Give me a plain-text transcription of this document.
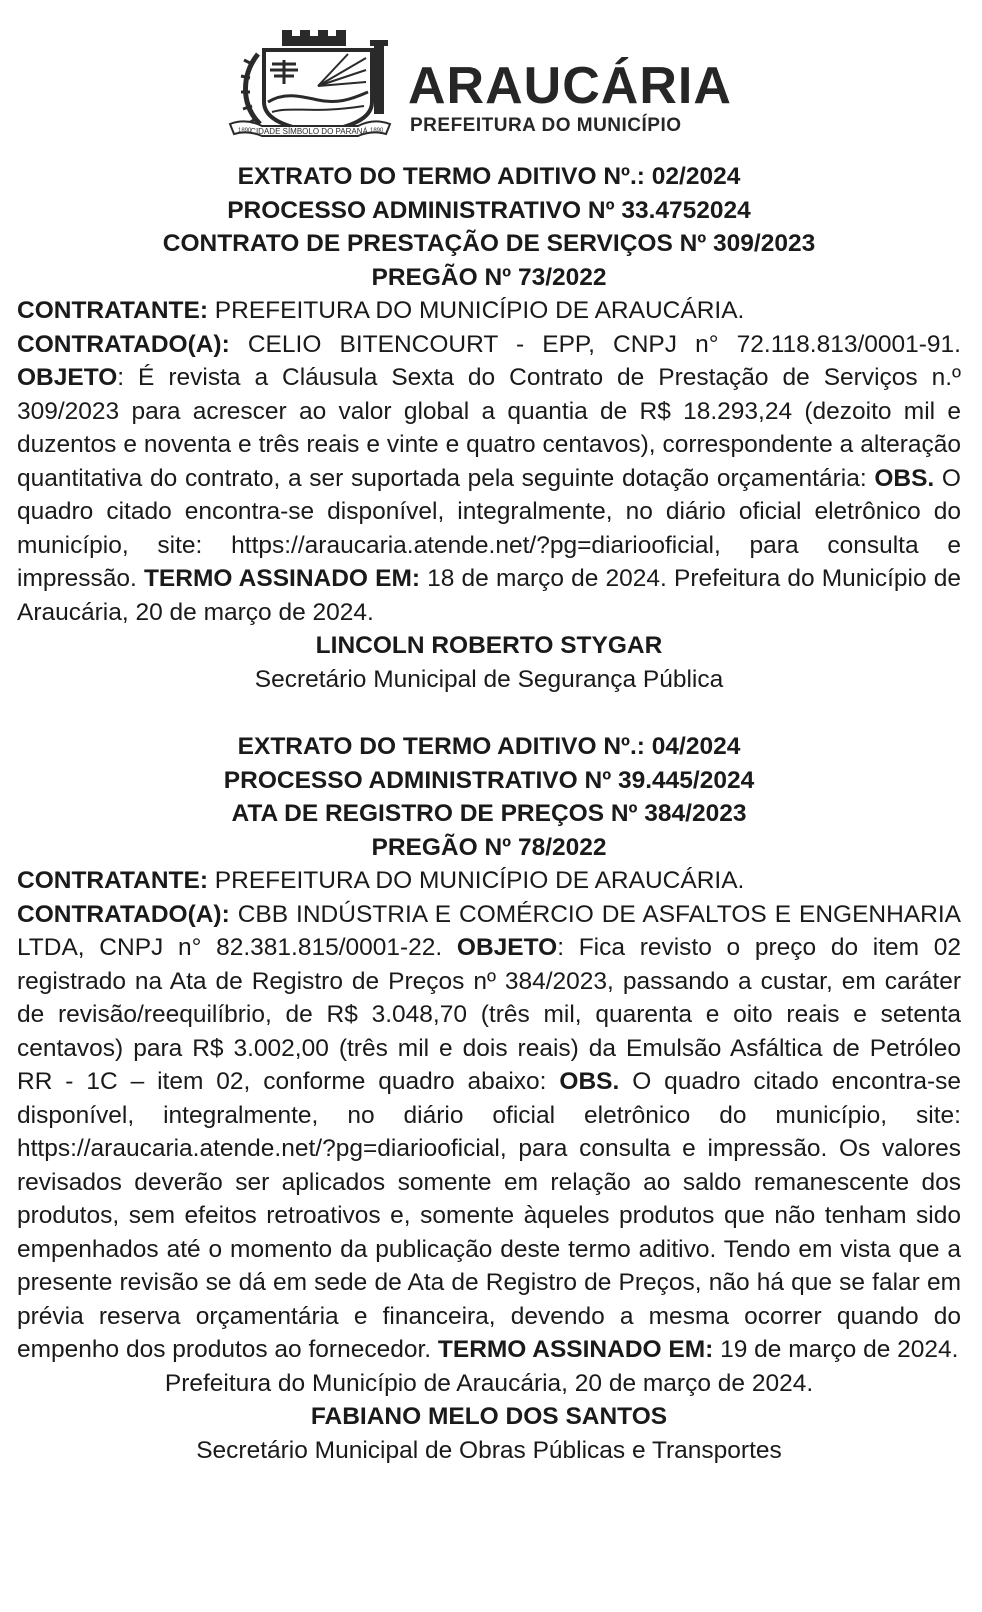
CIDADE SÍMBOLO DO PARANÁ
1890	1890
ARAUCÁRIA
PREFEITURA DO MUNICÍPIO
EXTRATO DO TERMO ADITIVO Nº.: 02/2024
PROCESSO ADMINISTRATIVO Nº 33.4752024
CONTRATO DE PRESTAÇÃO DE SERVIÇOS Nº 309/2023
PREGÃO Nº 73/2022
CONTRATANTE: PREFEITURA DO MUNICÍPIO DE ARAUCÁRIA.
CONTRATADO(A): CELIO BITENCOURT - EPP, CNPJ n° 72.118.813/0001-91. OBJETO: É revista a Cláusula Sexta do Contrato de Prestação de Serviços n.º 309/2023 para acrescer ao valor global a quantia de R$ 18.293,24 (dezoito mil e duzentos e noventa e três reais e vinte e quatro centavos), correspondente a alteração quantitativa do contrato, a ser suportada pela seguinte dotação orçamentária: OBS. O quadro citado encontra-se disponível, integralmente, no diário oficial eletrônico do município, site: https://araucaria.atende.net/?pg=diariooficial, para consulta e impressão. TERMO ASSINADO EM: 18 de março de 2024. Prefeitura do Município de Araucária, 20 de março de 2024.
LINCOLN ROBERTO STYGAR
Secretário Municipal de Segurança Pública
EXTRATO DO TERMO ADITIVO Nº.: 04/2024
PROCESSO ADMINISTRATIVO Nº 39.445/2024
ATA DE REGISTRO DE PREÇOS Nº 384/2023
PREGÃO Nº 78/2022
CONTRATANTE: PREFEITURA DO MUNICÍPIO DE ARAUCÁRIA.
CONTRATADO(A): CBB INDÚSTRIA E COMÉRCIO DE ASFALTOS E ENGENHARIA LTDA, CNPJ n° 82.381.815/0001-22. OBJETO: Fica revisto o preço do item 02 registrado na Ata de Registro de Preços nº 384/2023, passando a custar, em caráter de revisão/reequilíbrio, de R$ 3.048,70 (três mil, quarenta e oito reais e setenta centavos) para R$ 3.002,00 (três mil e dois reais) da Emulsão Asfáltica de Petróleo RR - 1C – item 02, conforme quadro abaixo: OBS. O quadro citado encontra-se disponível, integralmente, no diário oficial eletrônico do município, site: https://araucaria.atende.net/?pg=diariooficial, para consulta e impressão. Os valores revisados deverão ser aplicados somente em relação ao saldo remanescente dos produtos, sem efeitos retroativos e, somente àqueles produtos que não tenham sido empenhados até o momento da publicação deste termo aditivo. Tendo em vista que a presente revisão se dá em sede de Ata de Registro de Preços, não há que se falar em prévia reserva orçamentária e financeira, devendo a mesma ocorrer quando do empenho dos produtos ao fornecedor. TERMO ASSINADO EM: 19 de março de 2024.
Prefeitura do Município de Araucária, 20 de março de 2024.
FABIANO MELO DOS SANTOS
Secretário Municipal de Obras Públicas e Transportes
